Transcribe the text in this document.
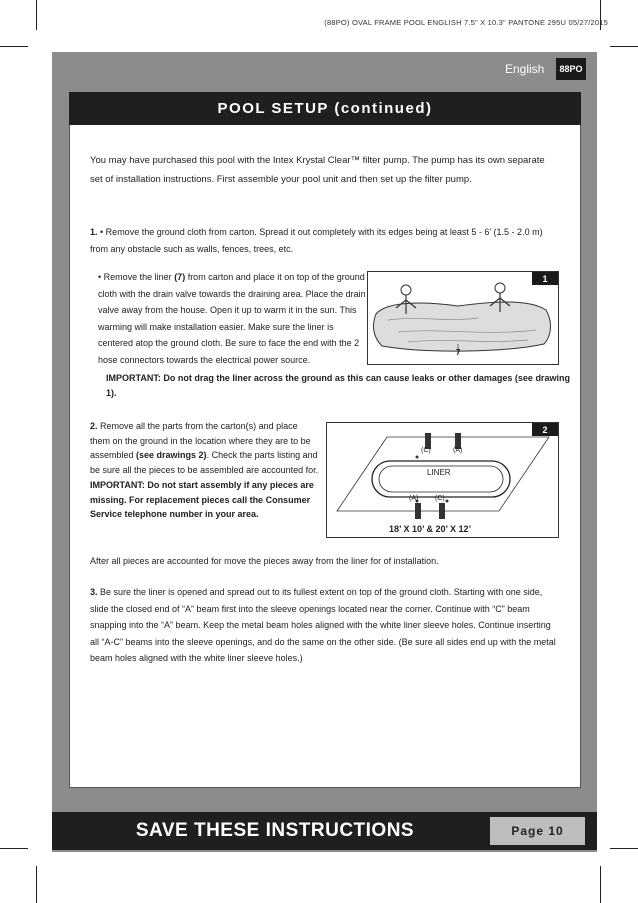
(88PO) OVAL FRAME POOL ENGLISH 7.5" X 10.3" PANTONE 295U 05/27/2015
English	88PO
POOL SETUP (continued)
You may have purchased this pool with the Intex Krystal Clear™ filter pump. The pump has its own separate set of installation instructions. First assemble your pool unit and then set up the filter pump.
1. • Remove the ground cloth from carton. Spread it out completely with its edges being at least 5 - 6’ (1.5 - 2.0 m) from any obstacle such as walls, fences, trees, etc.
• Remove the liner (7) from carton and place it on top of the ground cloth with the drain valve towards the draining area. Place the drain valve away from the house. Open it up to warm it in the sun. This warming will make installation easier. Make sure the liner is centered atop the ground cloth. Be sure to face the end with the 2 hose connectors towards the electrical power source.
IMPORTANT: Do not drag the liner across the ground as this can cause leaks or other damages (see drawing 1).
1
7
2. Remove all the parts from the carton(s) and place them on the ground in the location where they are to be assembled (see drawings 2). Check the parts listing and be sure all the pieces to be assembled are accounted for.
IMPORTANT: Do not start assembly if any pieces are missing. For replacement pieces call the Consumer Service telephone number in your area.
After all pieces are accounted for move the pieces away from the liner for of installation.
2
LINER
(C)	(A)
(A) (C)
18’ X 10’ & 20’ X 12’
3. Be sure the liner is opened and spread out to its fullest extent on top of the ground cloth. Starting with one side, slide the closed end of “A” beam first into the sleeve openings located near the corner. Continue with “C” beam snapping into the “A” beam. Keep the metal beam holes aligned with the white liner sleeve holes. Continue inserting all “A-C” beams into the sleeve openings, and do the same on the other side. (Be sure all sides end up with the metal beam holes aligned with the white liner sleeve holes.)
SAVE THESE INSTRUCTIONS	Page 10
